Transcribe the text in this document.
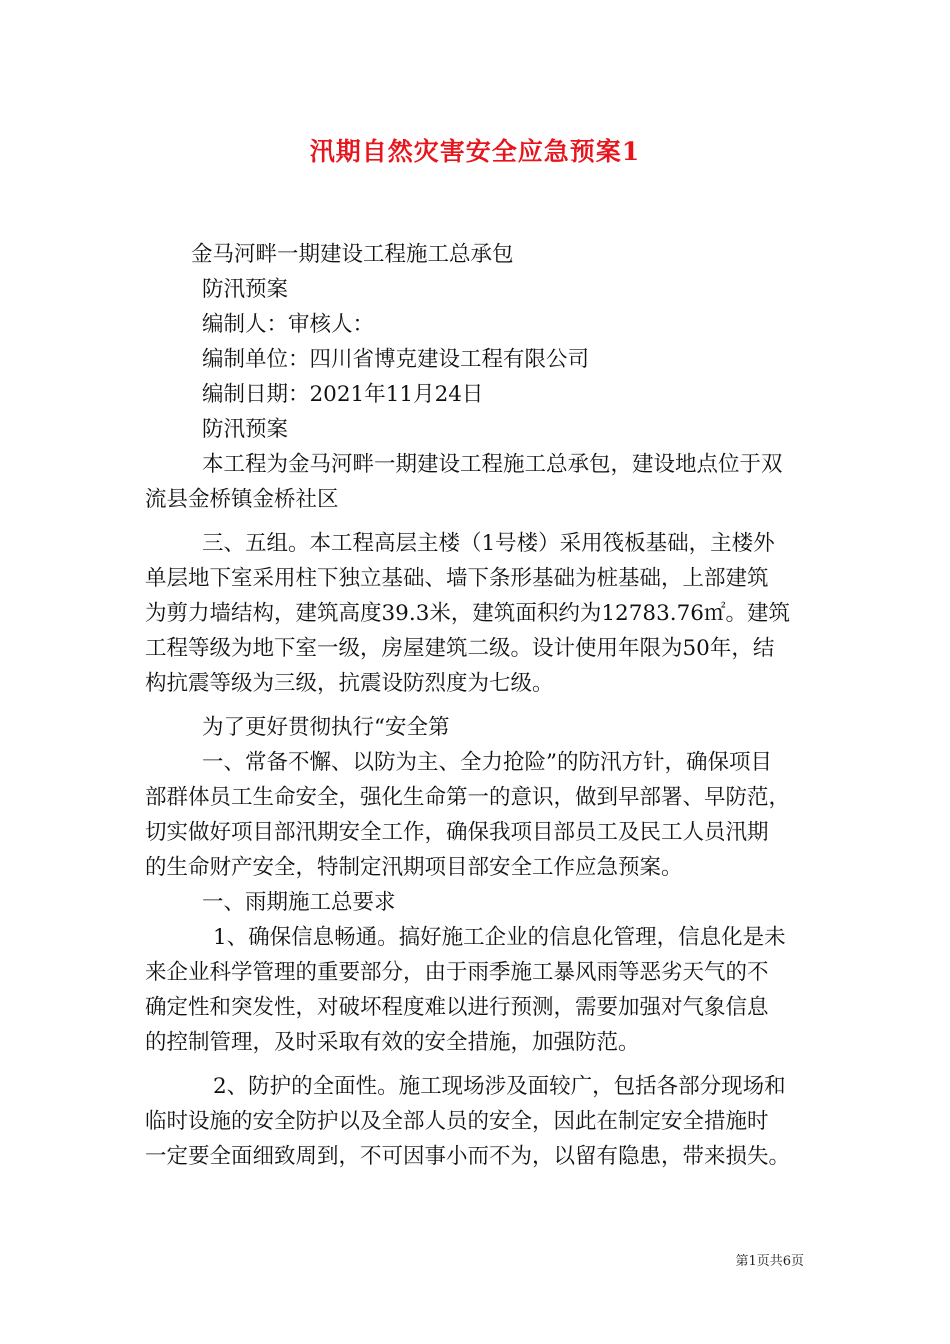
汛期自然灾害安全应急预案1
金马河畔一期建设工程施工总承包
防汛预案
编制人：审核人：
编制单位：四川省博克建设工程有限公司
编制日期：2021年11月24日
防汛预案
本工程为金马河畔一期建设工程施工总承包，建设地点位于双
流县金桥镇金桥社区
三、五组。本工程高层主楼（1号楼）采用筏板基础，主楼外
单层地下室采用柱下独立基础、墙下条形基础为桩基础，上部建筑
为剪力墙结构，建筑高度39.3米，建筑面积约为12783.76㎡。建筑
工程等级为地下室一级，房屋建筑二级。设计使用年限为50年，结
构抗震等级为三级，抗震设防烈度为七级。
为了更好贯彻执行“安全第
一、常备不懈、以防为主、全力抢险”的防汛方针，确保项目
部群体员工生命安全，强化生命第一的意识，做到早部署、早防范，
切实做好项目部汛期安全工作，确保我项目部员工及民工人员汛期
的生命财产安全，特制定汛期项目部安全工作应急预案。
一、雨期施工总要求
1、确保信息畅通。搞好施工企业的信息化管理，信息化是未
来企业科学管理的重要部分，由于雨季施工暴风雨等恶劣天气的不
确定性和突发性，对破坏程度难以进行预测，需要加强对气象信息
的控制管理，及时采取有效的安全措施，加强防范。
2、防护的全面性。施工现场涉及面较广，包括各部分现场和
临时设施的安全防护以及全部人员的安全，因此在制定安全措施时
一定要全面细致周到，不可因事小而不为，以留有隐患，带来损失。
第1页共6页
